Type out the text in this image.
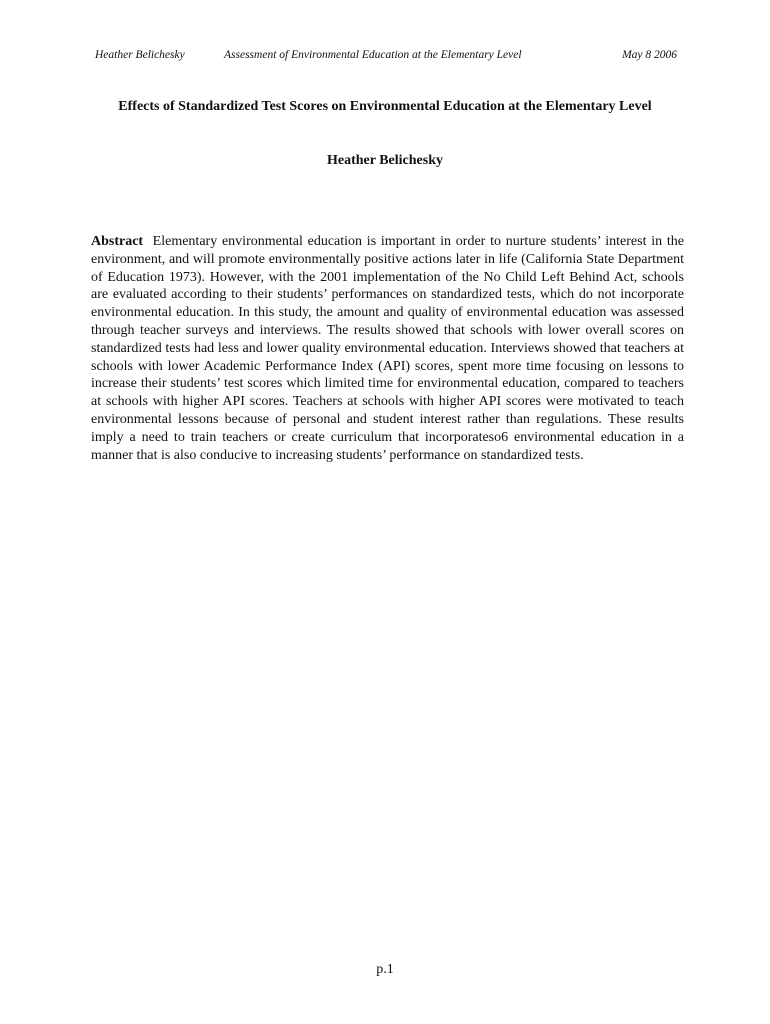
Heather Belichesky	Assessment of Environmental Education at the Elementary Level	May 8 2006
Effects of Standardized Test Scores on Environmental Education at the Elementary Level
Heather Belichesky

Abstract Elementary environmental education is important in order to nurture students’ interest in the environment, and will promote environmentally positive actions later in life (California State Department of Education 1973). However, with the 2001 implementation of the No Child Left Behind Act, schools are evaluated according to their students’ performances on standardized tests, which do not incorporate environmental education. In this study, the amount and quality of environmental education was assessed through teacher surveys and interviews. The results showed that schools with lower overall scores on standardized tests had less and lower quality environmental education. Interviews showed that teachers at schools with lower Academic Performance Index (API) scores, spent more time focusing on lessons to increase their students’ test scores which limited time for environmental education, compared to teachers at schools with higher API scores. Teachers at schools with higher API scores were motivated to teach environmental lessons because of personal and student interest rather than regulations. These results imply a need to train teachers or create curriculum that incorporateso6 environmental education in a manner that is also conducive to increasing students’ performance on standardized tests.

p.1
